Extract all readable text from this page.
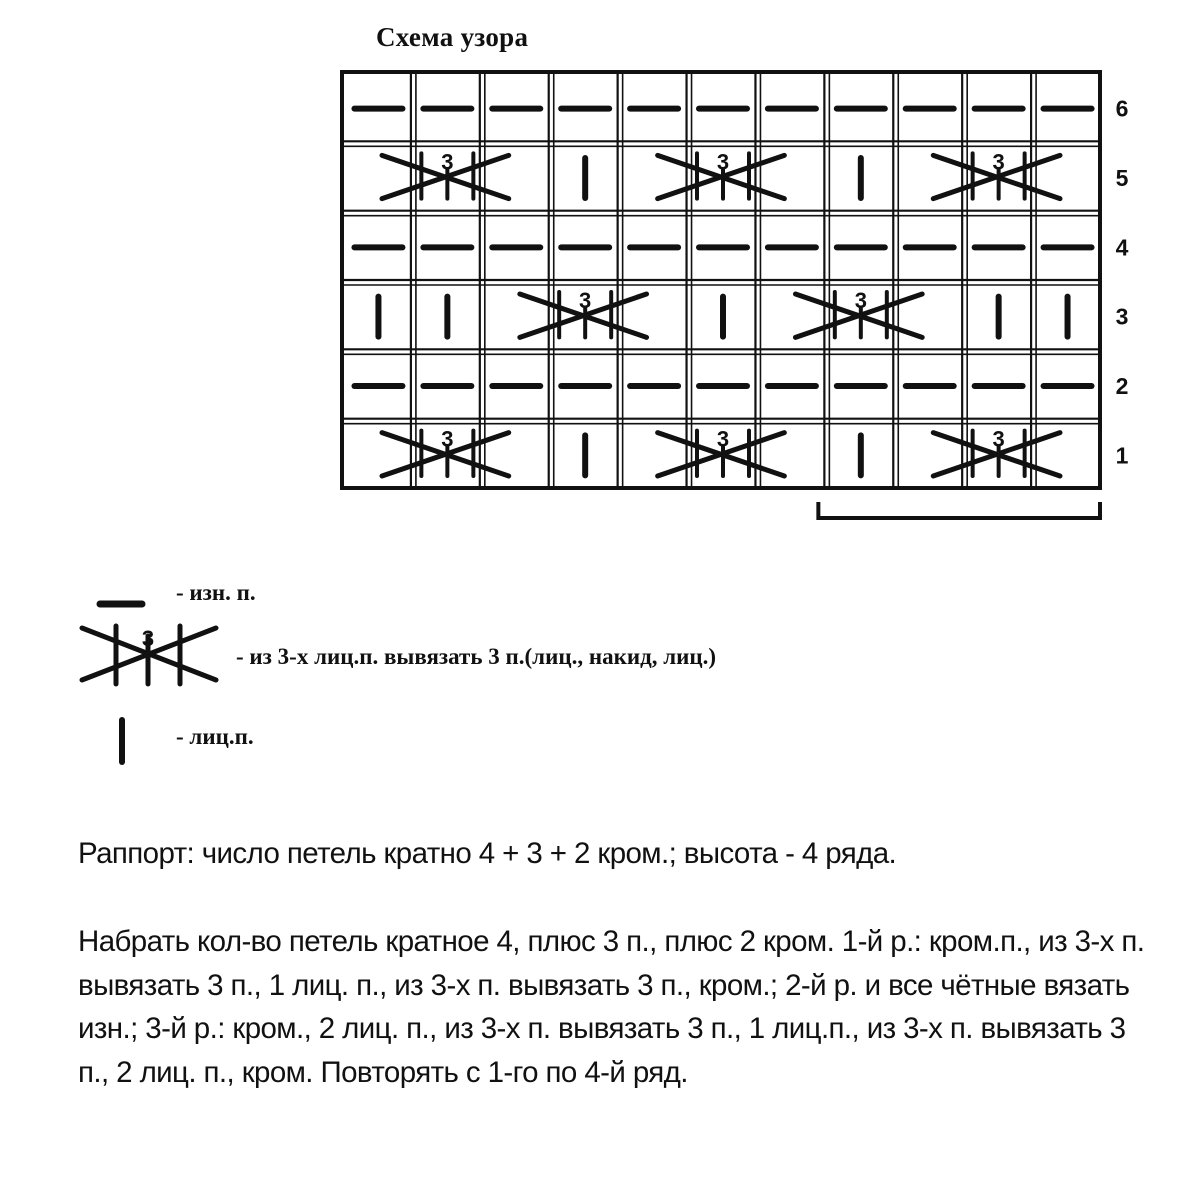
Схема узора
3	3	3
3	3
3	3	3
6
5
4
3
2
1
- изн. п.
3
- из 3-х лиц.п. вывязать 3 п.(лиц., накид, лиц.)
- лиц.п.

Раппорт: число петель кратно 4 + 3 + 2 кром.; высота - 4 ряда.

Набрать кол-во петель кратное 4, плюс 3 п., плюс 2 кром. 1-й р.: кром.п., из 3-х п. вывязать 3 п., 1 лиц. п., из 3-х п. вывязать 3 п., кром.; 2-й р. и все чётные вязать изн.; 3-й р.: кром., 2 лиц. п., из 3-х п. вывязать 3 п., 1 лиц.п., из 3-х п. вывязать 3 п., 2 лиц. п., кром. Повторять с 1-го по 4-й ряд.
